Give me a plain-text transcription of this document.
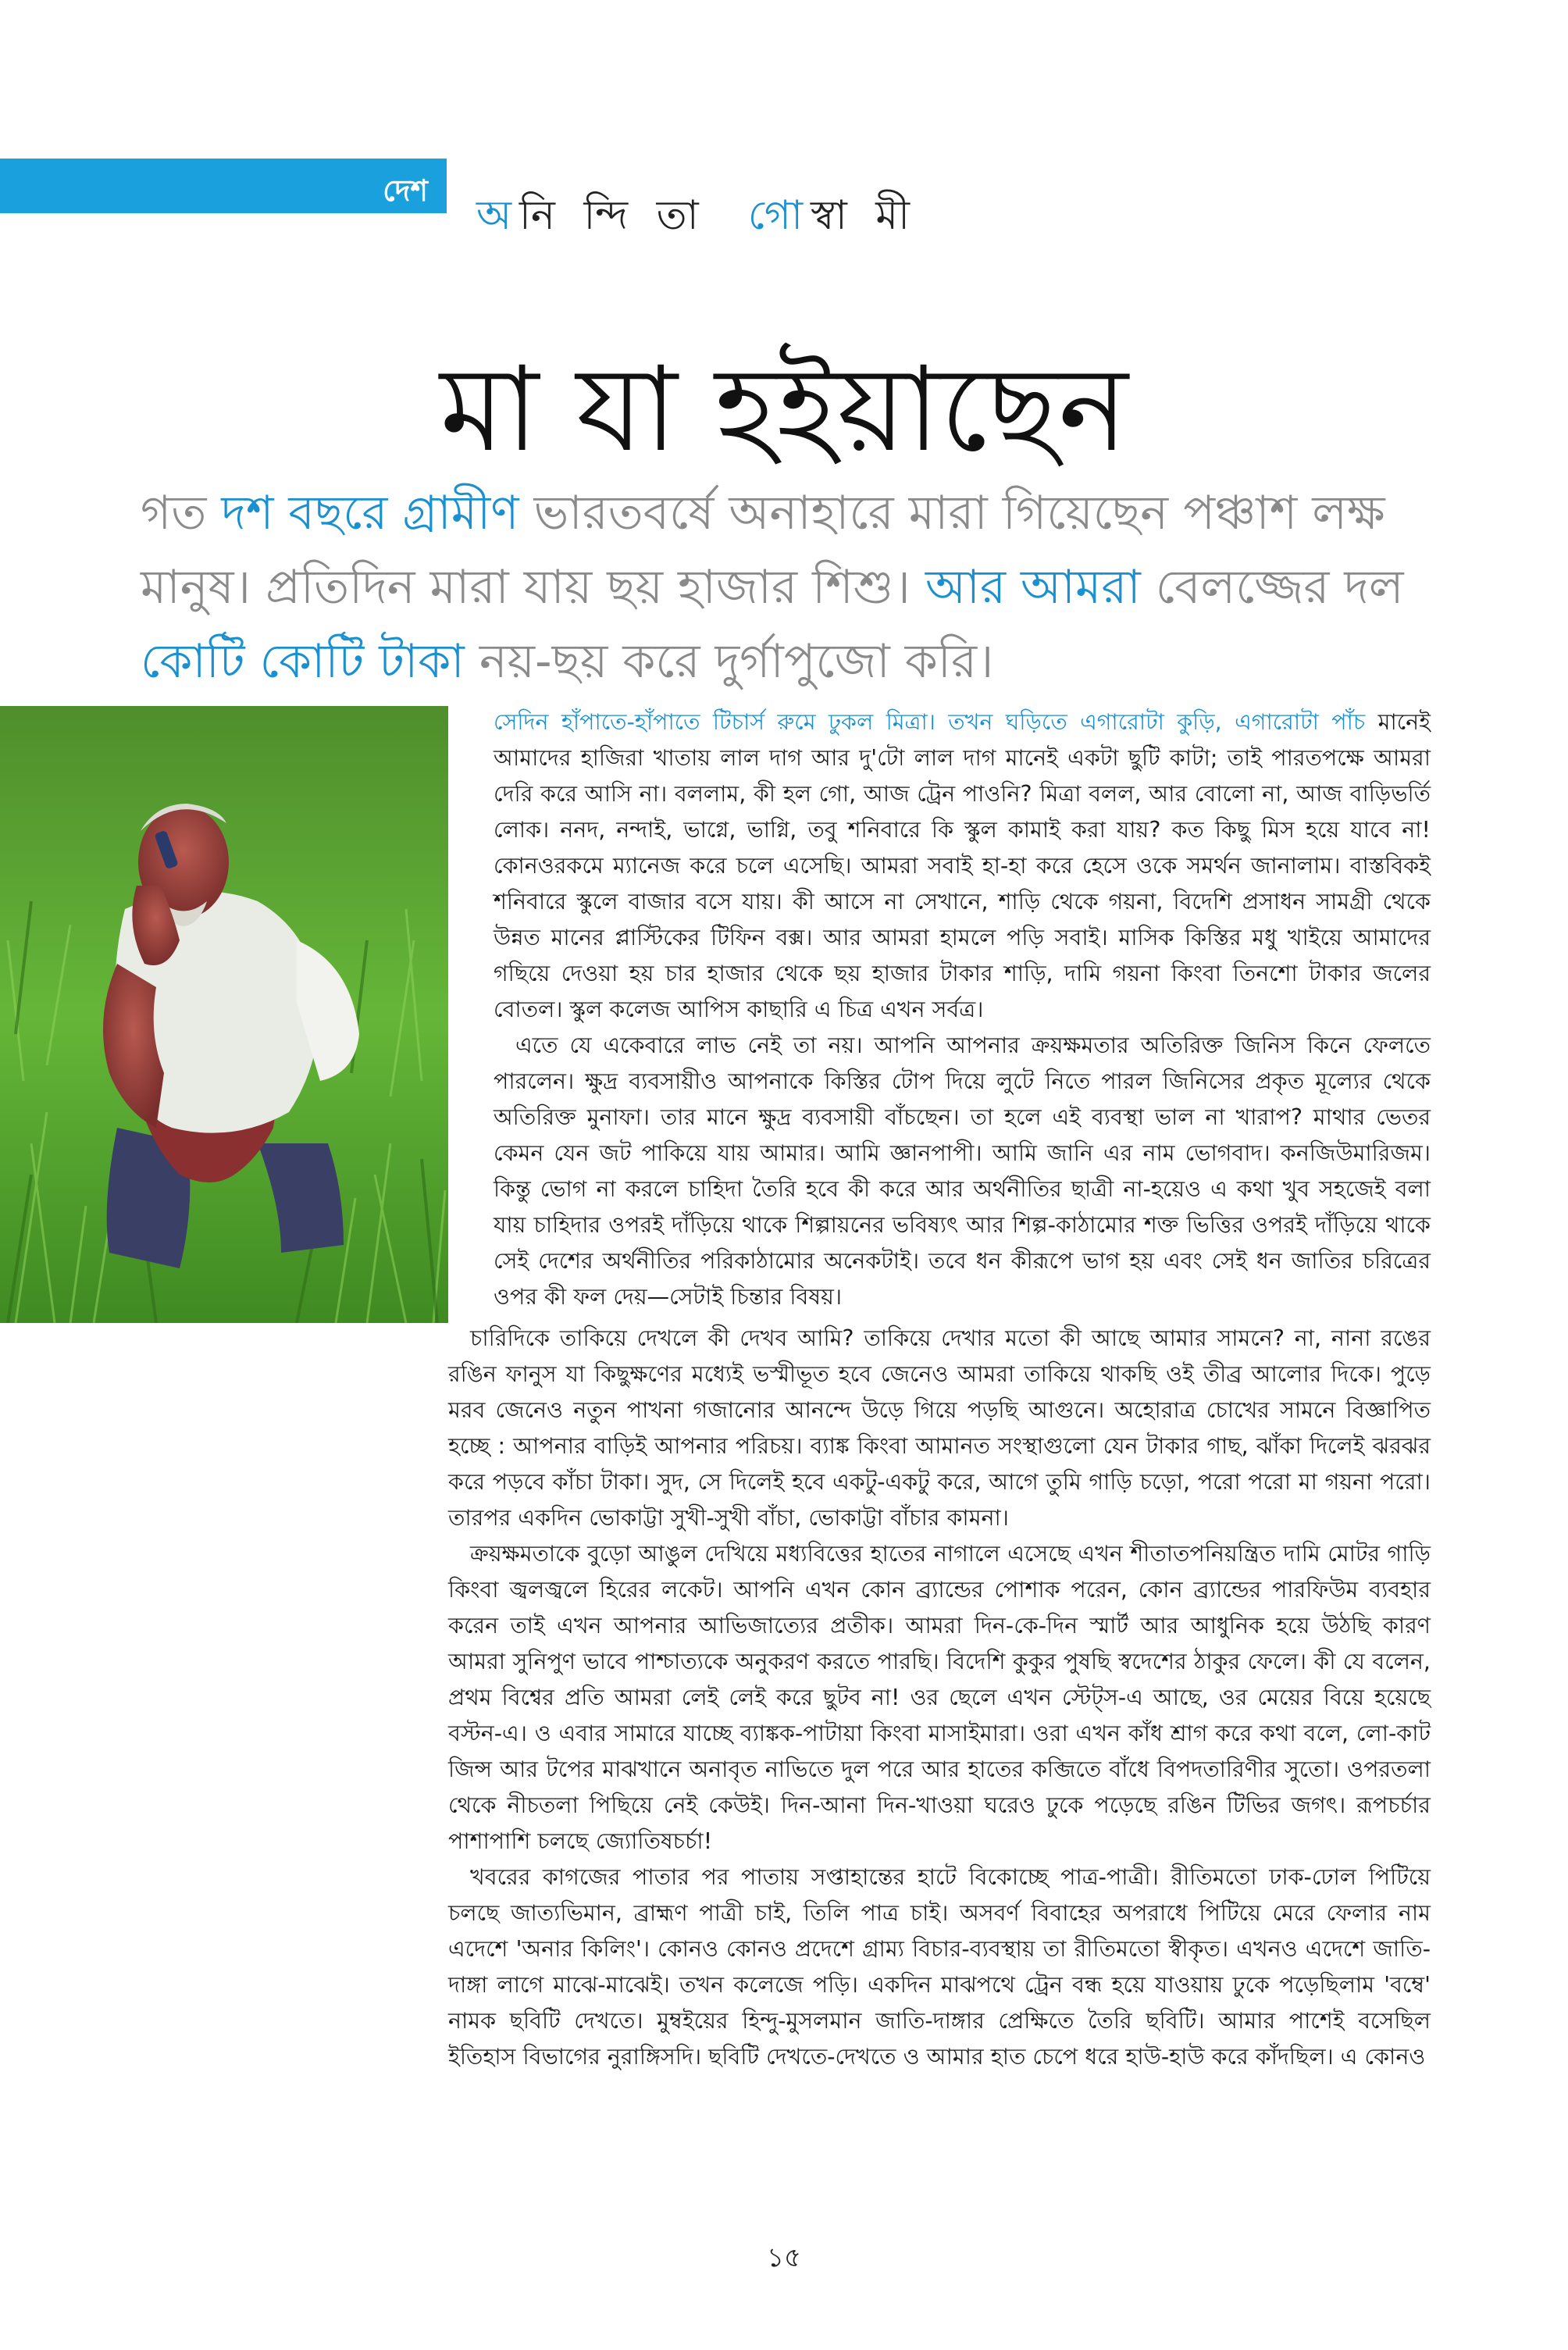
দেশ
অনি ন্দি তা গোস্বা মী
মা যা হইয়াছেন
গত দশ বছরে গ্রামীণ ভারতবর্ষে অনাহারে মারা গিয়েছেন পঞ্চাশ লক্ষ মানুষ। প্রতিদিন মারা যায় ছয় হাজার শিশু। আর আমরা বেলজ্জের দল কোটি কোটি টাকা নয়-ছয় করে দুর্গাপুজো করি।

সেদিন হাঁপাতে-হাঁপাতে টিচার্স রুমে ঢুকল মিত্রা। তখন ঘড়িতে এগারোটা কুড়ি, এগারোটা পাঁচ মানেই আমাদের হাজিরা খাতায় লাল দাগ আর দু'টো লাল দাগ মানেই একটা ছুটি কাটা; তাই পারতপক্ষে আমরা দেরি করে আসি না। বললাম, কী হল গো, আজ ট্রেন পাওনি? মিত্রা বলল, আর বোলো না, আজ বাড়িভর্তি লোক। ননদ, নন্দাই, ভাগ্নে, ভাগ্নি, তবু শনিবারে কি স্কুল কামাই করা যায়? কত কিছু মিস হয়ে যাবে না! কোনওরকমে ম্যানেজ করে চলে এসেছি। আমরা সবাই হা-হা করে হেসে ওকে সমর্থন জানালাম। বাস্তবিকই শনিবারে স্কুলে বাজার বসে যায়। কী আসে না সেখানে, শাড়ি থেকে গয়না, বিদেশি প্রসাধন সামগ্রী থেকে উন্নত মানের প্লাস্টিকের টিফিন বক্স। আর আমরা হামলে পড়ি সবাই। মাসিক কিস্তির মধু খাইয়ে আমাদের গছিয়ে দেওয়া হয় চার হাজার থেকে ছয় হাজার টাকার শাড়ি, দামি গয়না কিংবা তিনশো টাকার জলের বোতল। স্কুল কলেজ আপিস কাছারি এ চিত্র এখন সর্বত্র।

এতে যে একেবারে লাভ নেই তা নয়। আপনি আপনার ক্রয়ক্ষমতার অতিরিক্ত জিনিস কিনে ফেলতে পারলেন। ক্ষুদ্র ব্যবসায়ীও আপনাকে কিস্তির টোপ দিয়ে লুটে নিতে পারল জিনিসের প্রকৃত মূল্যের থেকে অতিরিক্ত মুনাফা। তার মানে ক্ষুদ্র ব্যবসায়ী বাঁচছেন। তা হলে এই ব্যবস্থা ভাল না খারাপ? মাথার ভেতর কেমন যেন জট পাকিয়ে যায় আমার। আমি জ্ঞানপাপী। আমি জানি এর নাম ভোগবাদ। কনজিউমারিজম। কিন্তু ভোগ না করলে চাহিদা তৈরি হবে কী করে আর অর্থনীতির ছাত্রী না-হয়েও এ কথা খুব সহজেই বলা যায় চাহিদার ওপরই দাঁড়িয়ে থাকে শিল্পায়নের ভবিষ্যৎ আর শিল্প-কাঠামোর শক্ত ভিত্তির ওপরই দাঁড়িয়ে থাকে সেই দেশের অর্থনীতির পরিকাঠামোর অনেকটাই। তবে ধন কীরূপে ভাগ হয় এবং সেই ধন জাতির চরিত্রের ওপর কী ফল দেয়—সেটাই চিন্তার বিষয়।

চারিদিকে তাকিয়ে দেখলে কী দেখব আমি? তাকিয়ে দেখার মতো কী আছে আমার সামনে? না, নানা রঙের রঙিন ফানুস যা কিছুক্ষণের মধ্যেই ভস্মীভূত হবে জেনেও আমরা তাকিয়ে থাকছি ওই তীব্র আলোর দিকে। পুড়ে মরব জেনেও নতুন পাখনা গজানোর আনন্দে উড়ে গিয়ে পড়ছি আগুনে। অহোরাত্র চোখের সামনে বিজ্ঞাপিত হচ্ছে : আপনার বাড়িই আপনার পরিচয়। ব্যাঙ্ক কিংবা আমানত সংস্থাগুলো যেন টাকার গাছ, ঝাঁকা দিলেই ঝরঝর করে পড়বে কাঁচা টাকা। সুদ, সে দিলেই হবে একটু-একটু করে, আগে তুমি গাড়ি চড়ো, পরো পরো মা গয়না পরো। তারপর একদিন ভোকাট্টা সুখী-সুখী বাঁচা, ভোকাট্টা বাঁচার কামনা।

ক্রয়ক্ষমতাকে বুড়ো আঙুল দেখিয়ে মধ্যবিত্তের হাতের নাগালে এসেছে এখন শীতাতপনিয়ন্ত্রিত দামি মোটর গাড়ি কিংবা জ্বলজ্বলে হিরের লকেট। আপনি এখন কোন ব্র্যান্ডের পোশাক পরেন, কোন ব্র্যান্ডের পারফিউম ব্যবহার করেন তাই এখন আপনার আভিজাত্যের প্রতীক। আমরা দিন-কে-দিন স্মার্ট আর আধুনিক হয়ে উঠছি কারণ আমরা সুনিপুণ ভাবে পাশ্চাত্যকে অনুকরণ করতে পারছি। বিদেশি কুকুর পুষছি স্বদেশের ঠাকুর ফেলে। কী যে বলেন, প্রথম বিশ্বের প্রতি আমরা লেই লেই করে ছুটব না! ওর ছেলে এখন স্টেট্স-এ আছে, ওর মেয়ের বিয়ে হয়েছে বস্টন-এ। ও এবার সামারে যাচ্ছে ব্যাঙ্কক-পাটায়া কিংবা মাসাইমারা। ওরা এখন কাঁধ শ্রাগ করে কথা বলে, লো-কাট জিন্স আর টপের মাঝখানে অনাবৃত নাভিতে দুল পরে আর হাতের কব্জিতে বাঁধে বিপদতারিণীর সুতো। ওপরতলা থেকে নীচতলা পিছিয়ে নেই কেউই। দিন-আনা দিন-খাওয়া ঘরেও ঢুকে পড়েছে রঙিন টিভির জগৎ। রূপচর্চার পাশাপাশি চলছে জ্যোতিষচর্চা!

খবরের কাগজের পাতার পর পাতায় সপ্তাহান্তের হাটে বিকোচ্ছে পাত্র-পাত্রী। রীতিমতো ঢাক-ঢোল পিটিয়ে চলছে জাত্যভিমান, ব্রাহ্মণ পাত্রী চাই, তিলি পাত্র চাই। অসবর্ণ বিবাহের অপরাধে পিটিয়ে মেরে ফেলার নাম এদেশে 'অনার কিলিং'। কোনও কোনও প্রদেশে গ্রাম্য বিচার-ব্যবস্থায় তা রীতিমতো স্বীকৃত। এখনও এদেশে জাতি-দাঙ্গা লাগে মাঝে-মাঝেই। তখন কলেজে পড়ি। একদিন মাঝপথে ট্রেন বন্ধ হয়ে যাওয়ায় ঢুকে পড়েছিলাম 'বম্বে' নামক ছবিটি দেখতে। মুম্বইয়ের হিন্দু-মুসলমান জাতি-দাঙ্গার প্রেক্ষিতে তৈরি ছবিটি। আমার পাশেই বসেছিল ইতিহাস বিভাগের নুরাঙ্গিসদি। ছবিটি দেখতে-দেখতে ও আমার হাত চেপে ধরে হাউ-হাউ করে কাঁদছিল। এ কোনও

১৫
